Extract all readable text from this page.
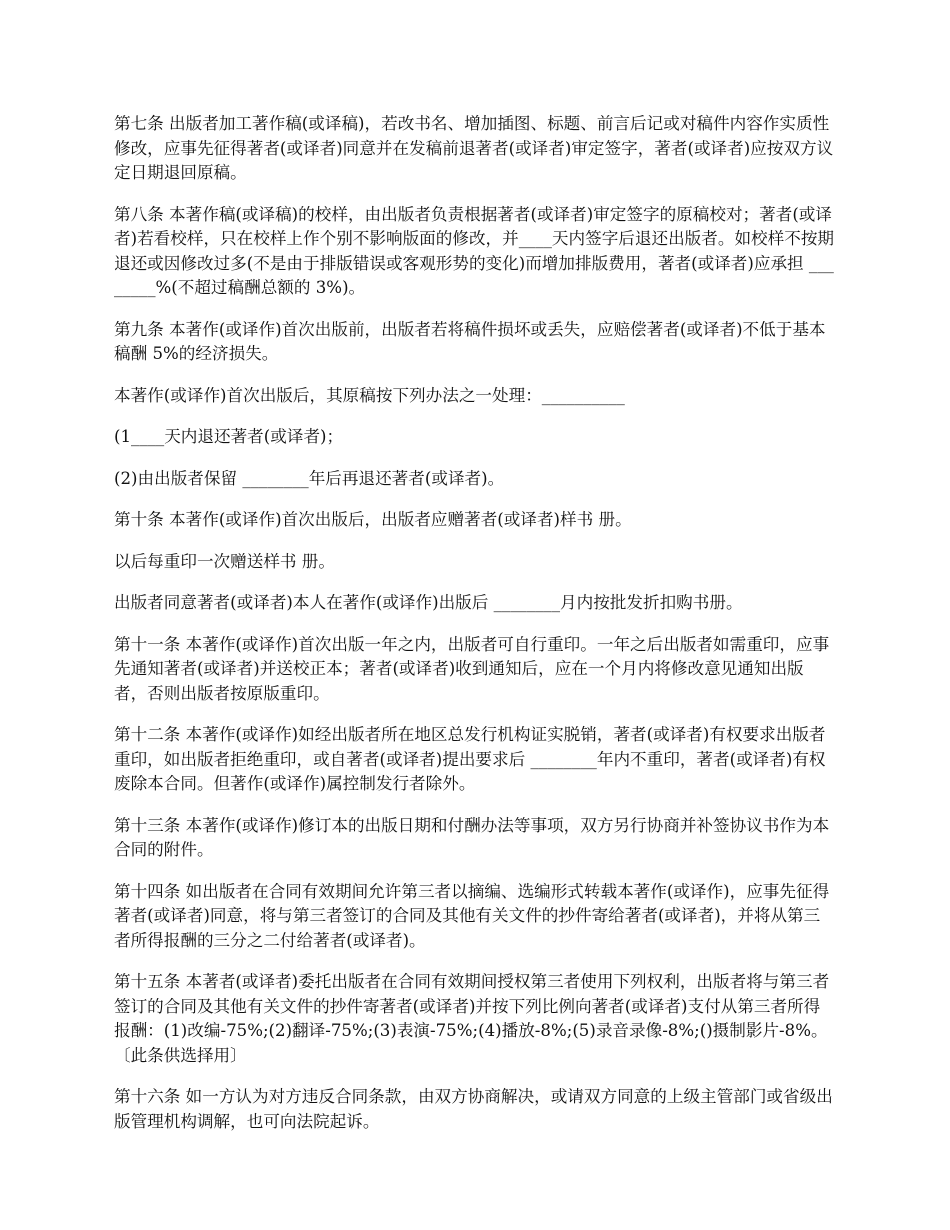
第七条 出版者加工著作稿(或译稿)，若改书名、增加插图、标题、前言后记或对稿件内容作实质性修改，应事先征得著者(或译者)同意并在发稿前退著者(或译者)审定签字，著者(或译者)应按双方议定日期退回原稿。

第八条 本著作稿(或译稿)的校样，由出版者负责根据著者(或译者)审定签字的原稿校对；著者(或译者)若看校样，只在校样上作个别不影响版面的修改，并____天内签字后退还出版者。如校样不按期退还或因修改过多(不是由于排版错误或客观形势的变化)而增加排版费用，著者(或译者)应承担 ________%(不超过稿酬总额的 3%)。

第九条 本著作(或译作)首次出版前，出版者若将稿件损坏或丢失，应赔偿著者(或译者)不低于基本稿酬 5%的经济损失。

本著作(或译作)首次出版后，其原稿按下列办法之一处理：__________

(1____天内退还著者(或译者)；

(2)由出版者保留 ________年后再退还著者(或译者)。

第十条 本著作(或译作)首次出版后，出版者应赠著者(或译者)样书 册。

以后每重印一次赠送样书 册。

出版者同意著者(或译者)本人在著作(或译作)出版后 ________月内按批发折扣购书册。

第十一条 本著作(或译作)首次出版一年之内，出版者可自行重印。一年之后出版者如需重印，应事先通知著者(或译者)并送校正本；著者(或译者)收到通知后，应在一个月内将修改意见通知出版者，否则出版者按原版重印。

第十二条 本著作(或译作)如经出版者所在地区总发行机构证实脱销，著者(或译者)有权要求出版者重印，如出版者拒绝重印，或自著者(或译者)提出要求后 ________年内不重印，著者(或译者)有权废除本合同。但著作(或译作)属控制发行者除外。

第十三条 本著作(或译作)修订本的出版日期和付酬办法等事项，双方另行协商并补签协议书作为本合同的附件。

第十四条 如出版者在合同有效期间允许第三者以摘编、选编形式转载本著作(或译作)，应事先征得著者(或译者)同意，将与第三者签订的合同及其他有关文件的抄件寄给著者(或译者)，并将从第三者所得报酬的三分之二付给著者(或译者)。

第十五条 本著者(或译者)委托出版者在合同有效期间授权第三者使用下列权利，出版者将与第三者签订的合同及其他有关文件的抄件寄著者(或译者)并按下列比例向著者(或译者)支付从第三者所得报酬：(1)改编-75%;(2)翻译-75%;(3)表演-75%;(4)播放-8%;(5)录音录像-8%;()摄制影片-8%。〔此条供选择用〕

第十六条 如一方认为对方违反合同条款，由双方协商解决，或请双方同意的上级主管部门或省级出版管理机构调解，也可向法院起诉。
